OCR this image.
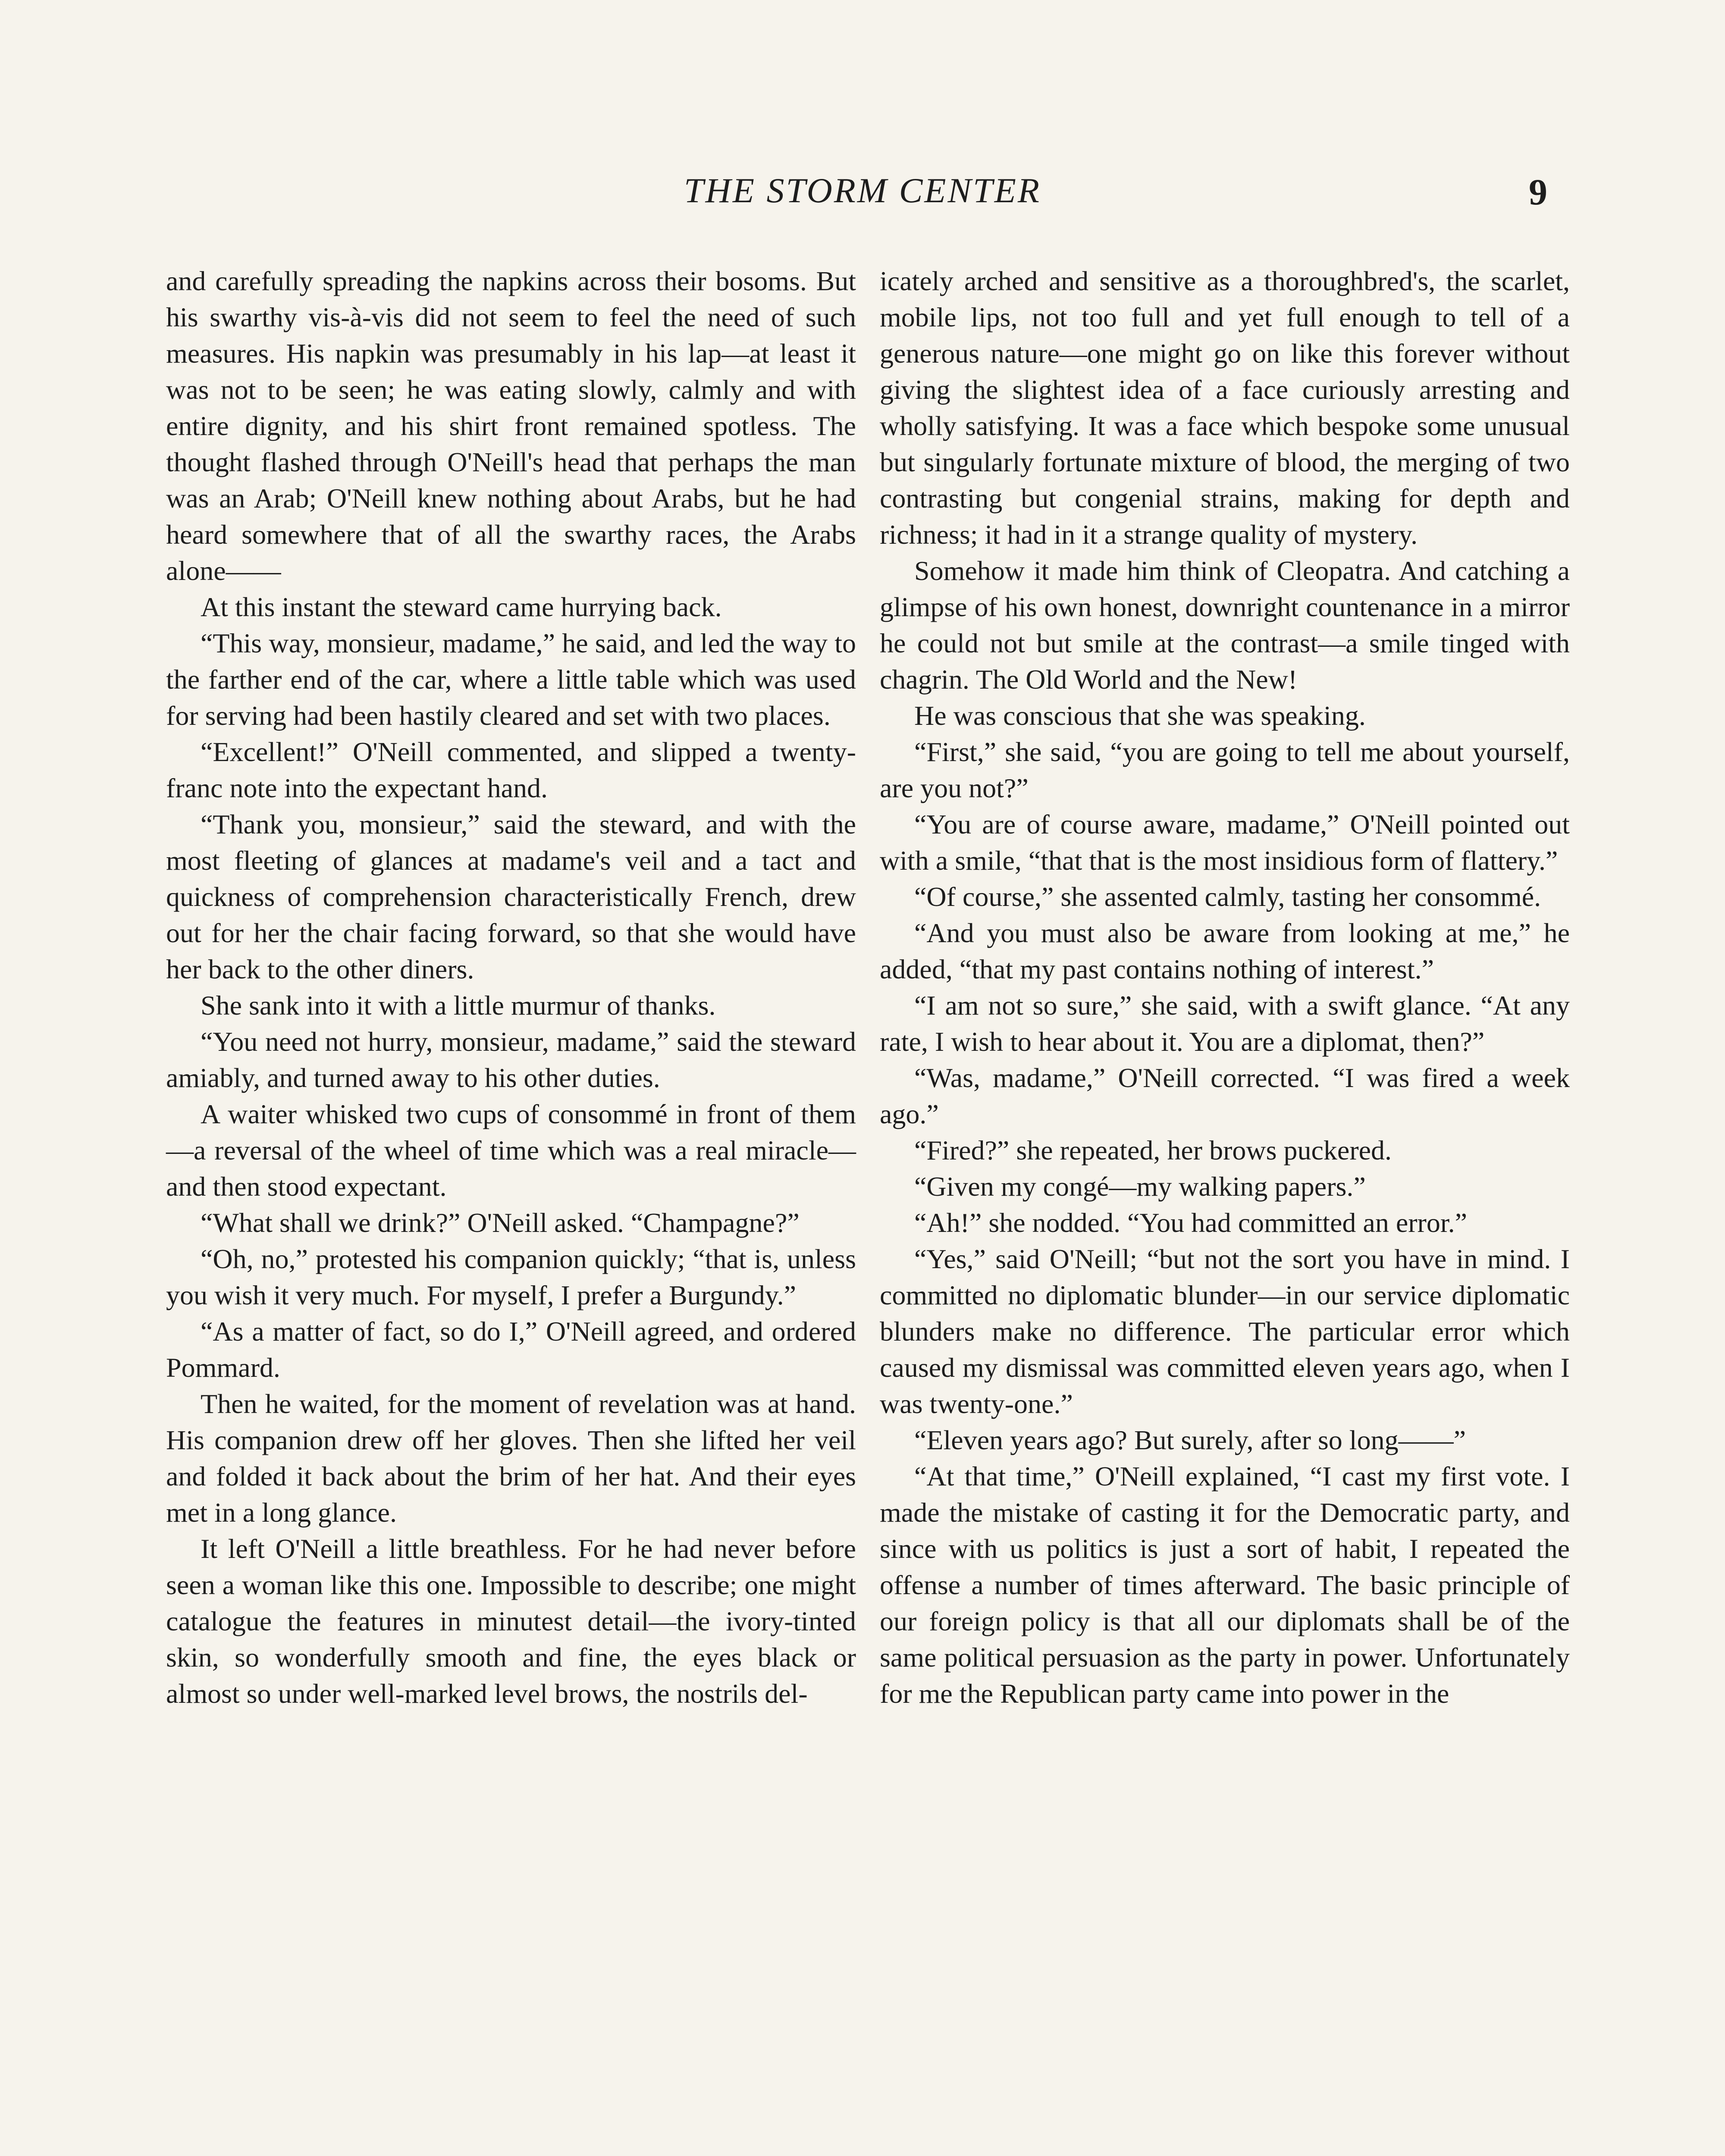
THE STORM CENTER	9

and carefully spreading the napkins across their bosoms. But his swarthy vis-à-vis did not seem to feel the need of such measures. His napkin was presumably in his lap—at least it was not to be seen; he was eating slowly, calmly and with entire dignity, and his shirt front remained spotless. The thought flashed through O'Neill's head that perhaps the man was an Arab; O'Neill knew nothing about Arabs, but he had heard somewhere that of all the swarthy races, the Arabs alone——

At this instant the steward came hurrying back.

“This way, monsieur, madame,” he said, and led the way to the farther end of the car, where a little table which was used for serving had been hastily cleared and set with two places.

“Excellent!” O'Neill commented, and slipped a twenty-franc note into the expectant hand.

“Thank you, monsieur,” said the steward, and with the most fleeting of glances at madame's veil and a tact and quickness of comprehension characteristically French, drew out for her the chair facing forward, so that she would have her back to the other diners.

She sank into it with a little murmur of thanks.

“You need not hurry, monsieur, madame,” said the steward amiably, and turned away to his other duties.

A waiter whisked two cups of consommé in front of them—a reversal of the wheel of time which was a real miracle—and then stood expectant.

“What shall we drink?” O'Neill asked. “Champagne?”

“Oh, no,” protested his companion quickly; “that is, unless you wish it very much. For myself, I prefer a Burgundy.”

“As a matter of fact, so do I,” O'Neill agreed, and ordered Pommard.

Then he waited, for the moment of revelation was at hand. His companion drew off her gloves. Then she lifted her veil and folded it back about the brim of her hat. And their eyes met in a long glance.

It left O'Neill a little breathless. For he had never before seen a woman like this one. Impossible to describe; one might catalogue the features in minutest detail—the ivory-tinted skin, so wonderfully smooth and fine, the eyes black or almost so under well-marked level brows, the nostrils del-

icately arched and sensitive as a thoroughbred's, the scarlet, mobile lips, not too full and yet full enough to tell of a generous nature—one might go on like this forever without giving the slightest idea of a face curiously arresting and wholly satisfying. It was a face which bespoke some unusual but singularly fortunate mixture of blood, the merging of two contrasting but congenial strains, making for depth and richness; it had in it a strange quality of mystery.

Somehow it made him think of Cleopatra. And catching a glimpse of his own honest, downright countenance in a mirror he could not but smile at the contrast—a smile tinged with chagrin. The Old World and the New!

He was conscious that she was speaking.

“First,” she said, “you are going to tell me about yourself, are you not?”

“You are of course aware, madame,” O'Neill pointed out with a smile, “that that is the most insidious form of flattery.”

“Of course,” she assented calmly, tasting her consommé.

“And you must also be aware from looking at me,” he added, “that my past contains nothing of interest.”

“I am not so sure,” she said, with a swift glance. “At any rate, I wish to hear about it. You are a diplomat, then?”

“Was, madame,” O'Neill corrected. “I was fired a week ago.”

“Fired?” she repeated, her brows puckered.

“Given my congé—my walking papers.”

“Ah!” she nodded. “You had committed an error.”

“Yes,” said O'Neill; “but not the sort you have in mind. I committed no diplomatic blunder—in our service diplomatic blunders make no difference. The particular error which caused my dismissal was committed eleven years ago, when I was twenty-one.”

“Eleven years ago? But surely, after so long——”

“At that time,” O'Neill explained, “I cast my first vote. I made the mistake of casting it for the Democratic party, and since with us politics is just a sort of habit, I repeated the offense a number of times afterward. The basic principle of our foreign policy is that all our diplomats shall be of the same political persuasion as the party in power. Unfortunately for me the Republican party came into power in the
